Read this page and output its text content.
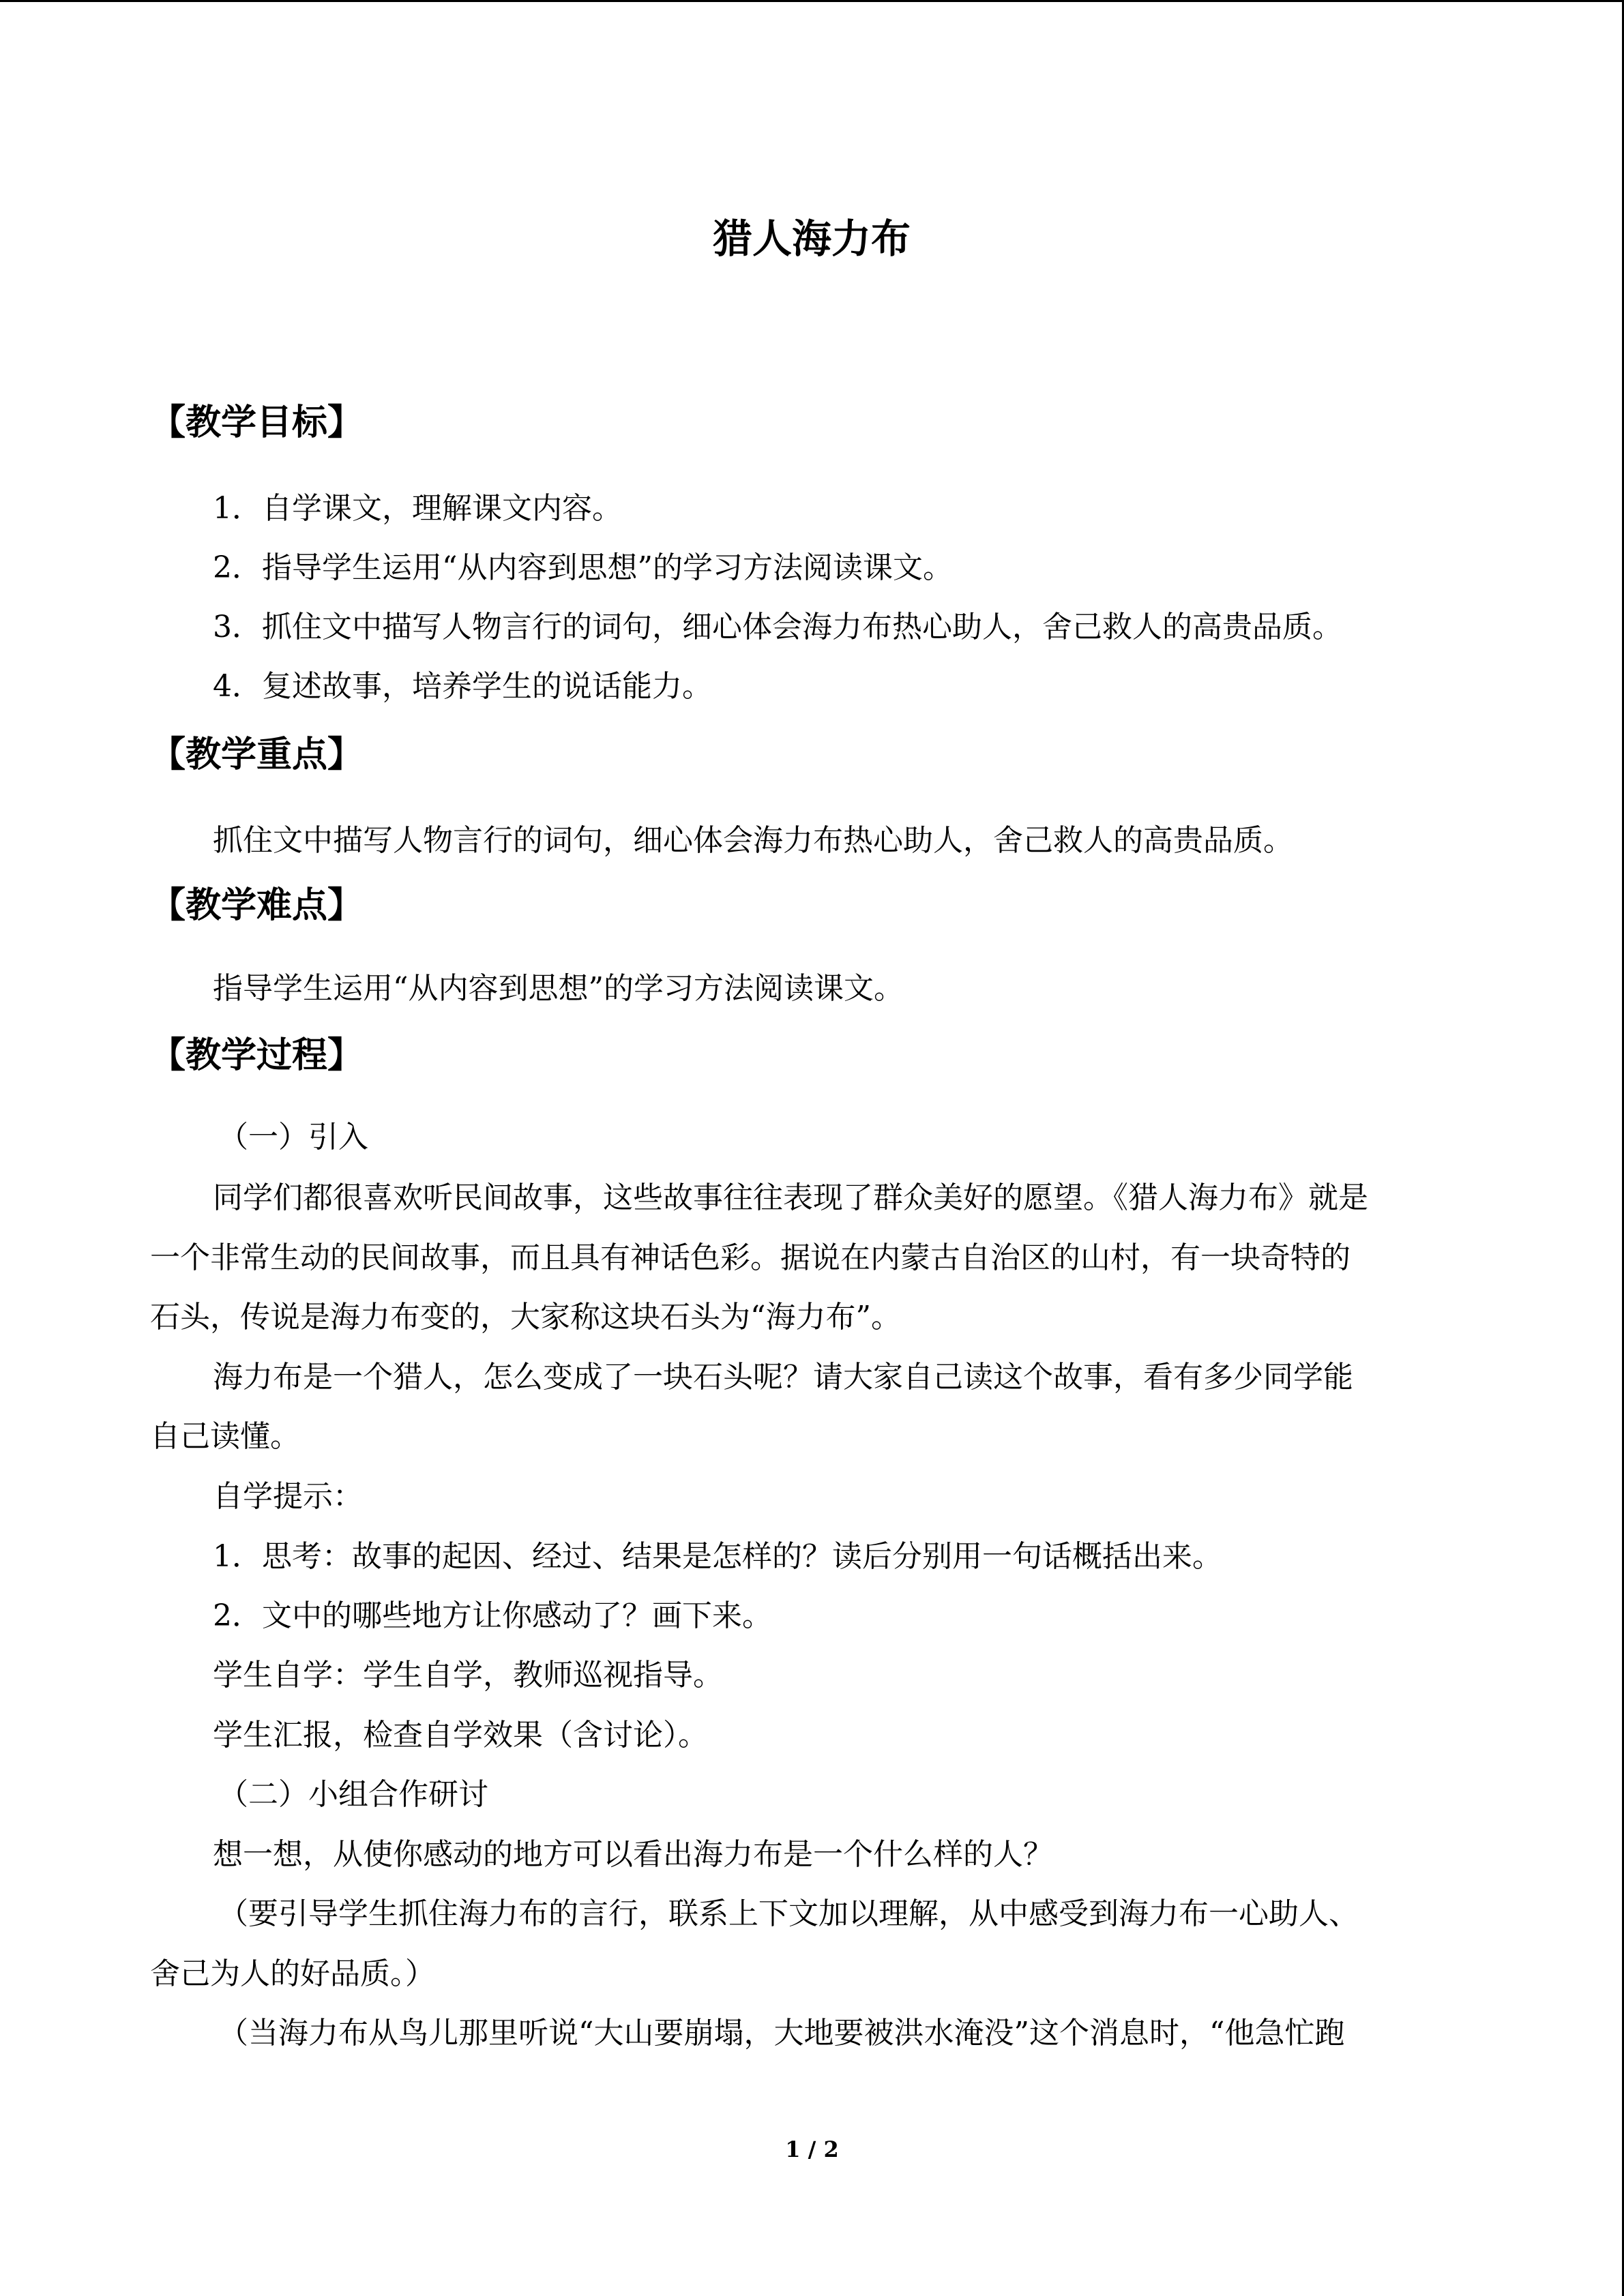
猎人海力布
【教学目标】
1．自学课文，理解课文内容。
2．指导学生运用“从内容到思想”的学习方法阅读课文。
3．抓住文中描写人物言行的词句，细心体会海力布热心助人，舍己救人的高贵品质。
4．复述故事，培养学生的说话能力。
【教学重点】
抓住文中描写人物言行的词句，细心体会海力布热心助人，舍己救人的高贵品质。
【教学难点】
指导学生运用“从内容到思想”的学习方法阅读课文。
【教学过程】
（一）引入
同学们都很喜欢听民间故事，这些故事往往表现了群众美好的愿望。《猎人海力布》就是
一个非常生动的民间故事，而且具有神话色彩。据说在内蒙古自治区的山村，有一块奇特的
石头，传说是海力布变的，大家称这块石头为“海力布”。
海力布是一个猎人，怎么变成了一块石头呢？请大家自己读这个故事，看有多少同学能
自己读懂。
自学提示：
1．思考：故事的起因、经过、结果是怎样的？读后分别用一句话概括出来。
2．文中的哪些地方让你感动了？画下来。
学生自学：学生自学，教师巡视指导。
学生汇报，检查自学效果（含讨论）。
（二）小组合作研讨
想一想，从使你感动的地方可以看出海力布是一个什么样的人？
（要引导学生抓住海力布的言行，联系上下文加以理解，从中感受到海力布一心助人、
舍己为人的好品质。）
（当海力布从鸟儿那里听说“大山要崩塌，大地要被洪水淹没”这个消息时，“他急忙跑
1 / 2
